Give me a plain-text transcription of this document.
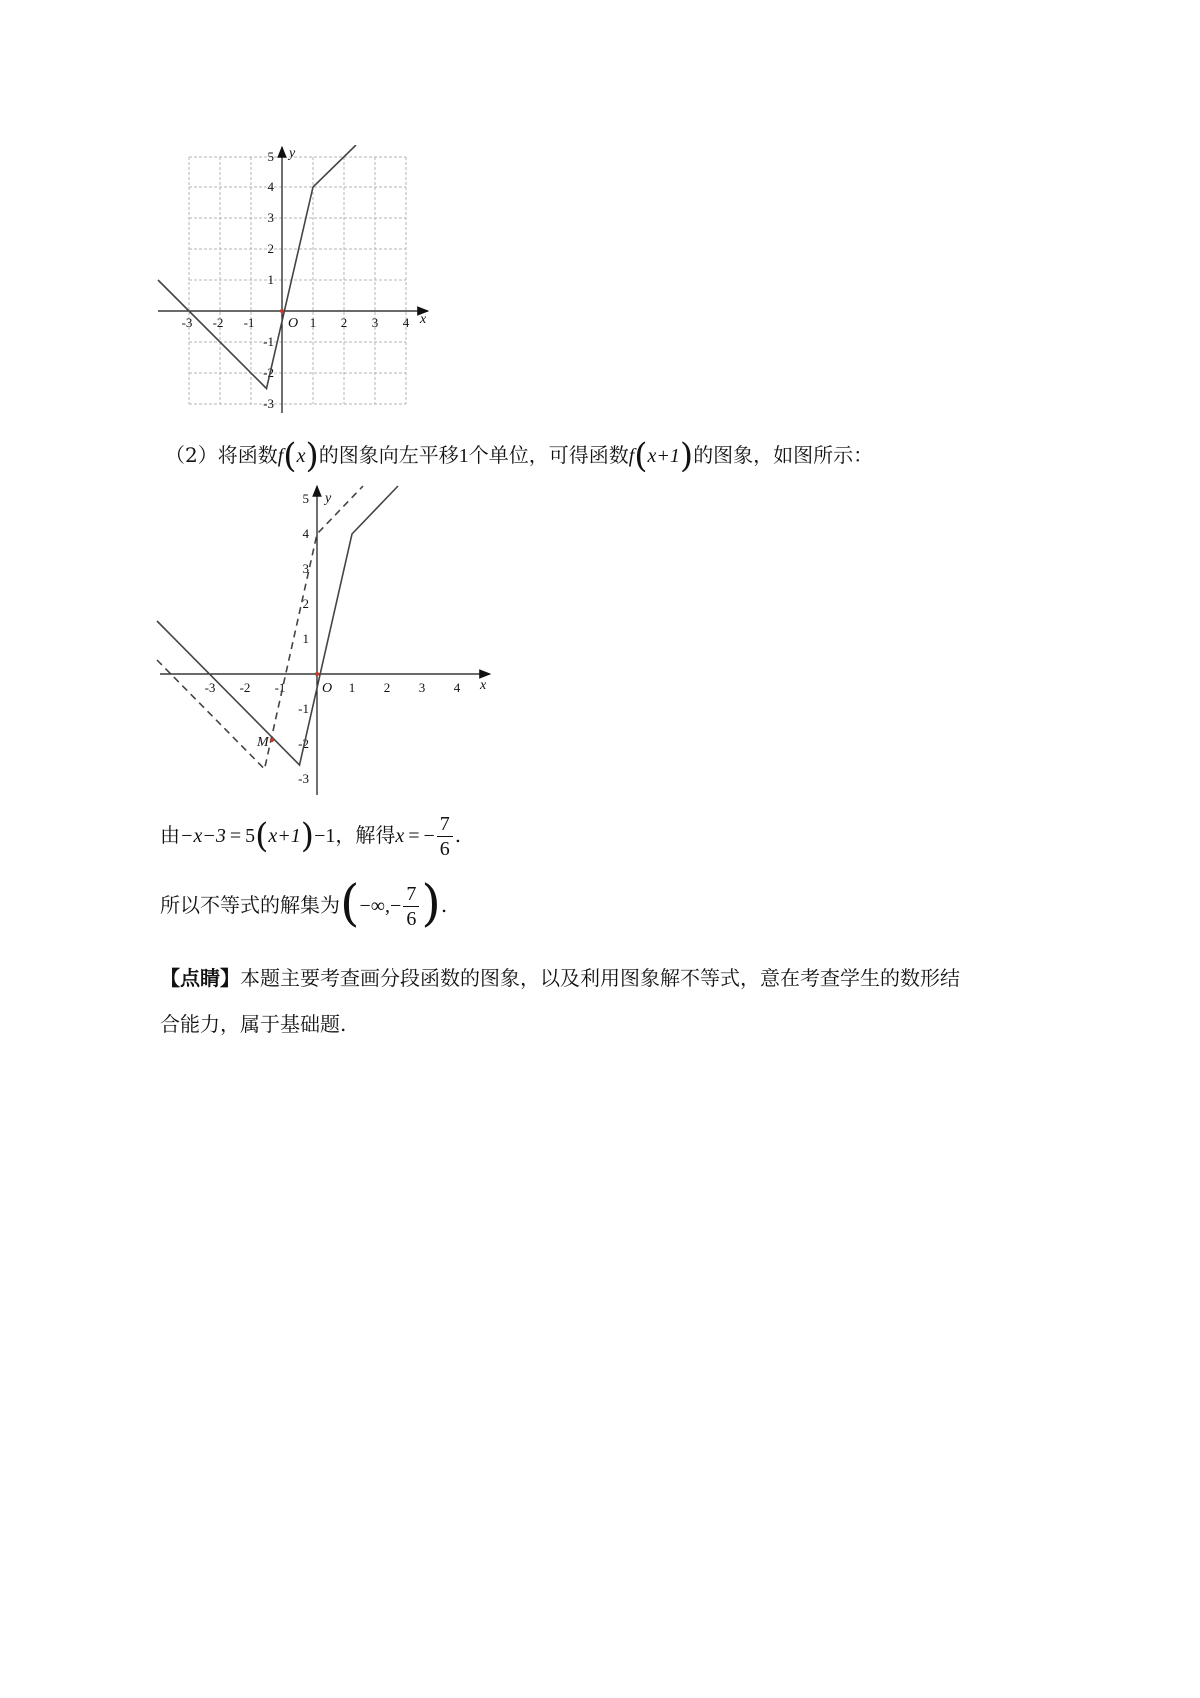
-3 -2 -1	1 2 3 4
5
4
3
2
1
-1
-2
-3
x
y
O
（2）将函数f(x)的图象向左平移1个单位，可得函数f(x+1)的图象，如图所示：
-3 -2 -1	1 2 3 4
5
4
3
2
1
-1
-2
-3
x
y
O
M
由−x−3 = 5(x+1)−1，解得x = − $\frac{7}{6}$ .
所以不等式的解集为(−∞,− $\frac{7}{6}$ ).
【点睛】本题主要考查画分段函数的图象，以及利用图象解不等式，意在考查学生的数形结
合能力，属于基础题.
